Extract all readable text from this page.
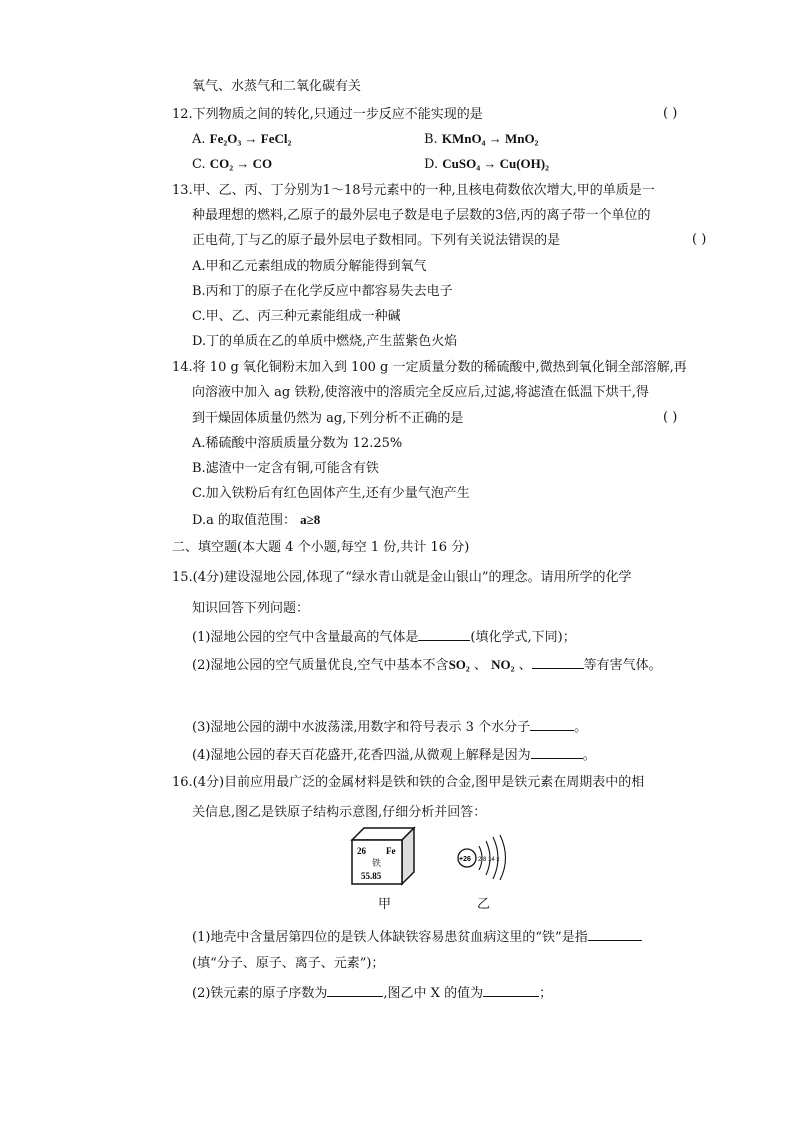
氧气、水蒸气和二氧化碳有关
12.下列物质之间的转化,只通过一步反应不能实现的是	( )
A. Fe₂O₃ → FeCl₂	B. KMnO₄ → MnO₂
C. CO₂ → CO	D. CuSO₄ → Cu(OH)₂
13.甲、乙、丙、丁分别为1～18号元素中的一种,且核电荷数依次增大,甲的单质是一
种最理想的燃料,乙原子的最外层电子数是电子层数的3倍,丙的离子带一个单位的
正电荷,丁与乙的原子最外层电子数相同。下列有关说法错误的是	( )
A.甲和乙元素组成的物质分解能得到氧气
B.丙和丁的原子在化学反应中都容易失去电子
C.甲、乙、丙三种元素能组成一种碱
D.丁的单质在乙的单质中燃烧,产生蓝紫色火焰
14.将 10 g 氧化铜粉末加入到 100 g 一定质量分数的稀硫酸中,微热到氧化铜全部溶解,再
向溶液中加入 ag 铁粉,使溶液中的溶质完全反应后,过滤,将滤渣在低温下烘干,得
到干燥固体质量仍然为 ag,下列分析不正确的是	( )
A.稀硫酸中溶质质量分数为 12.25%
B.滤渣中一定含有铜,可能含有铁
C.加入铁粉后有红色固体产生,还有少量气泡产生
D.a 的取值范围： a≥8
二、填空题(本大题 4 个小题,每空 1 份,共计 16 分)
15.(4分)建设湿地公园,体现了“绿水青山就是金山银山”的理念。请用所学的化学
知识回答下列问题：
(1)湿地公园的空气中含量最高的气体是	(填化学式,下同)；
(2)湿地公园的空气质量优良,空气中基本不含SO₂ 、 NO₂ 、	等有害气体。
(3)湿地公园的湖中水波荡漾,用数字和符号表示 3 个水分子	。
(4)湿地公园的春天百花盛开,花香四溢,从微观上解释是因为	。
16.(4分)目前应用最广泛的金属材料是铁和铁的合金,图甲是铁元素在周期表中的相
关信息,图乙是铁原子结构示意图,仔细分析并回答：
26 Fe
铁
55.85
+26 2 8 14 x
甲	乙
(1)地壳中含量居第四位的是铁人体缺铁容易患贫血病这里的“铁”是指
(填“分子、原子、离子、元素”)；
(2)铁元素的原子序数为	,图乙中 X 的值为	；
